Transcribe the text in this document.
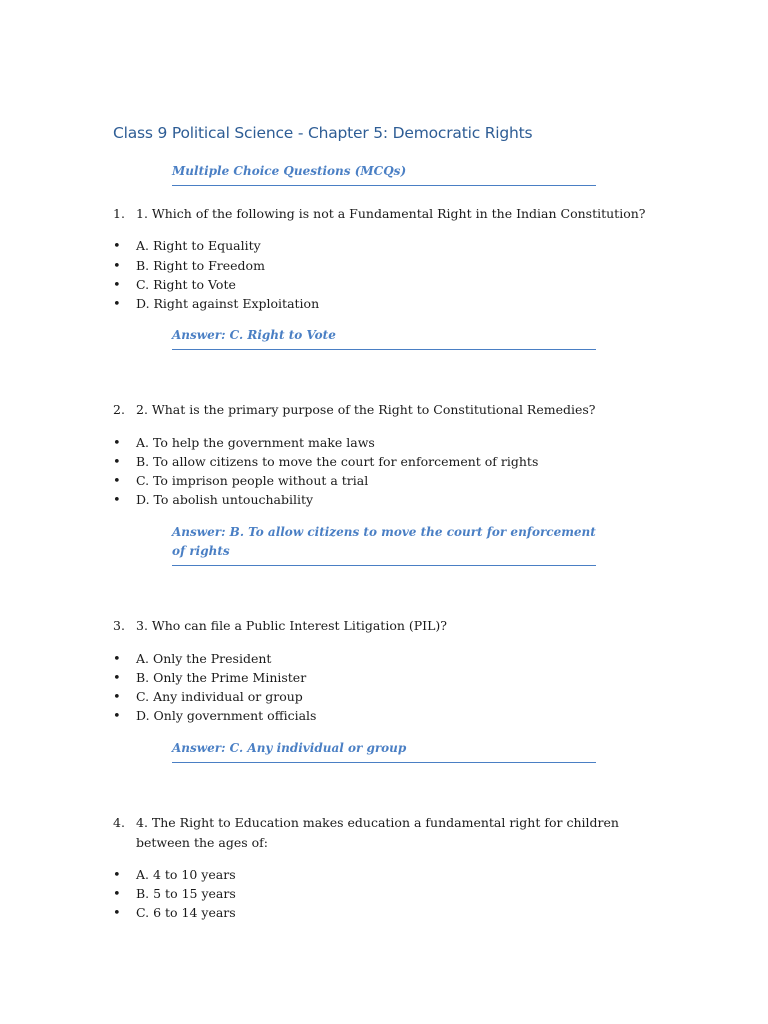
Class 9 Political Science - Chapter 5: Democratic Rights
Multiple Choice Questions (MCQs)
1. 1. Which of the following is not a Fundamental Right in the Indian Constitution?
• A. Right to Equality
• B. Right to Freedom
• C. Right to Vote
• D. Right against Exploitation
Answer: C. Right to Vote
2. 2. What is the primary purpose of the Right to Constitutional Remedies?
• A. To help the government make laws
• B. To allow citizens to move the court for enforcement of rights
• C. To imprison people without a trial
• D. To abolish untouchability
Answer: B. To allow citizens to move the court for enforcement of rights
3. 3. Who can file a Public Interest Litigation (PIL)?
• A. Only the President
• B. Only the Prime Minister
• C. Any individual or group
• D. Only government officials
Answer: C. Any individual or group
4. 4. The Right to Education makes education a fundamental right for children between the ages of:
• A. 4 to 10 years
• B. 5 to 15 years
• C. 6 to 14 years
